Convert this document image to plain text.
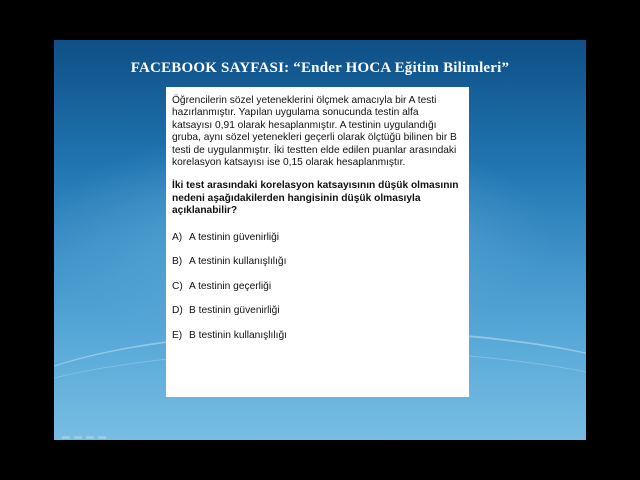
FACEBOOK SAYFASI: “Ender HOCA Eğitim Bilimleri”

Öğrencilerin sözel yeteneklerini ölçmek amacıyla bir A testi hazırlanmıştır. Yapılan uygulama sonucunda testin alfa katsayısı 0,91 olarak hesaplanmıştır. A testinin uygulandığı gruba, aynı sözel yetenekleri geçerli olarak ölçtüğü bilinen bir B testi de uygulanmıştır. İki testten elde edilen puanlar arasındaki korelasyon katsayısı ise 0,15 olarak hesaplanmıştır.

İki test arasındaki korelasyon katsayısının düşük olmasının nedeni aşağıdakilerden hangisinin düşük olmasıyla açıklanabilir?

A) A testinin güvenirliği
B) A testinin kullanışlılığı
C) A testinin geçerliği
D) B testinin güvenirliği
E) B testinin kullanışlılığı
